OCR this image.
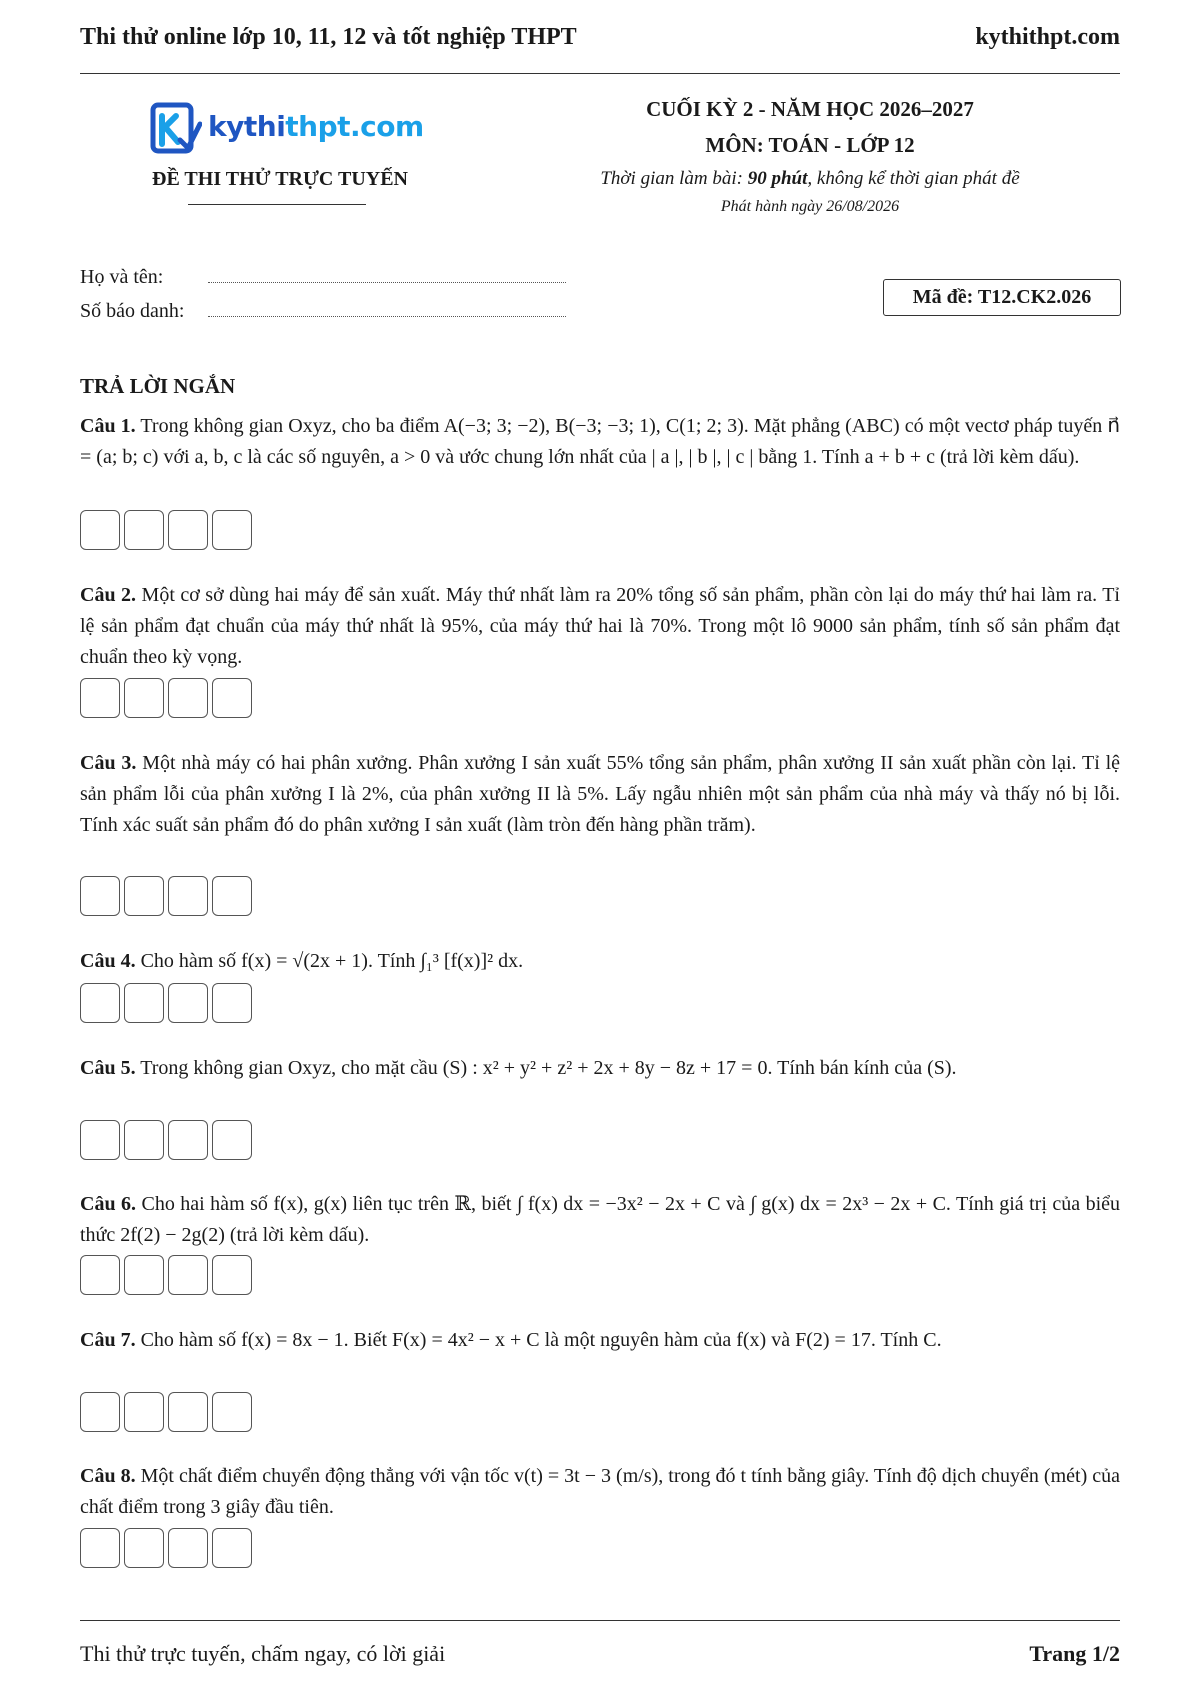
Thi thử online lớp 10, 11, 12 và tốt nghiệp THPT	kythithpt.com
kythithpt.com
ĐỀ THI THỬ TRỰC TUYẾN
CUỐI KỲ 2 - NĂM HỌC 2026–2027
MÔN: TOÁN - LỚP 12
Thời gian làm bài: 90 phút, không kể thời gian phát đề
Phát hành ngày 26/08/2026
Họ và tên:
Số báo danh:
Mã đề: T12.CK2.026
TRẢ LỜI NGẮN
Câu 1. Trong không gian Oxyz, cho ba điểm A(−3; 3; −2), B(−3; −3; 1), C(1; 2; 3). Mặt phẳng (ABC) có một vectơ pháp tuyến n⃗ = (a; b; c) với a, b, c là các số nguyên, a > 0 và ước chung lớn nhất của | a |, | b |, | c | bằng 1. Tính a + b + c (trả lời kèm dấu).
Câu 2. Một cơ sở dùng hai máy để sản xuất. Máy thứ nhất làm ra 20% tổng số sản phẩm, phần còn lại do máy thứ hai làm ra. Tỉ lệ sản phẩm đạt chuẩn của máy thứ nhất là 95%, của máy thứ hai là 70%. Trong một lô 9000 sản phẩm, tính số sản phẩm đạt chuẩn theo kỳ vọng.
Câu 3. Một nhà máy có hai phân xưởng. Phân xưởng I sản xuất 55% tổng sản phẩm, phân xưởng II sản xuất phần còn lại. Tỉ lệ sản phẩm lỗi của phân xưởng I là 2%, của phân xưởng II là 5%. Lấy ngẫu nhiên một sản phẩm của nhà máy và thấy nó bị lỗi. Tính xác suất sản phẩm đó do phân xưởng I sản xuất (làm tròn đến hàng phần trăm).
Câu 4. Cho hàm số f(x) = √(2x + 1). Tính ∫₁³ [f(x)]² dx.
Câu 5. Trong không gian Oxyz, cho mặt cầu (S) : x² + y² + z² + 2x + 8y − 8z + 17 = 0. Tính bán kính của (S).
Câu 6. Cho hai hàm số f(x), g(x) liên tục trên ℝ, biết ∫ f(x) dx = −3x² − 2x + C và ∫ g(x) dx = 2x³ − 2x + C. Tính giá trị của biểu thức 2f(2) − 2g(2) (trả lời kèm dấu).
Câu 7. Cho hàm số f(x) = 8x − 1. Biết F(x) = 4x² − x + C là một nguyên hàm của f(x) và F(2) = 17. Tính C.
Câu 8. Một chất điểm chuyển động thẳng với vận tốc v(t) = 3t − 3 (m/s), trong đó t tính bằng giây. Tính độ dịch chuyển (mét) của chất điểm trong 3 giây đầu tiên.
Thi thử trực tuyến, chấm ngay, có lời giải	Trang 1/2
